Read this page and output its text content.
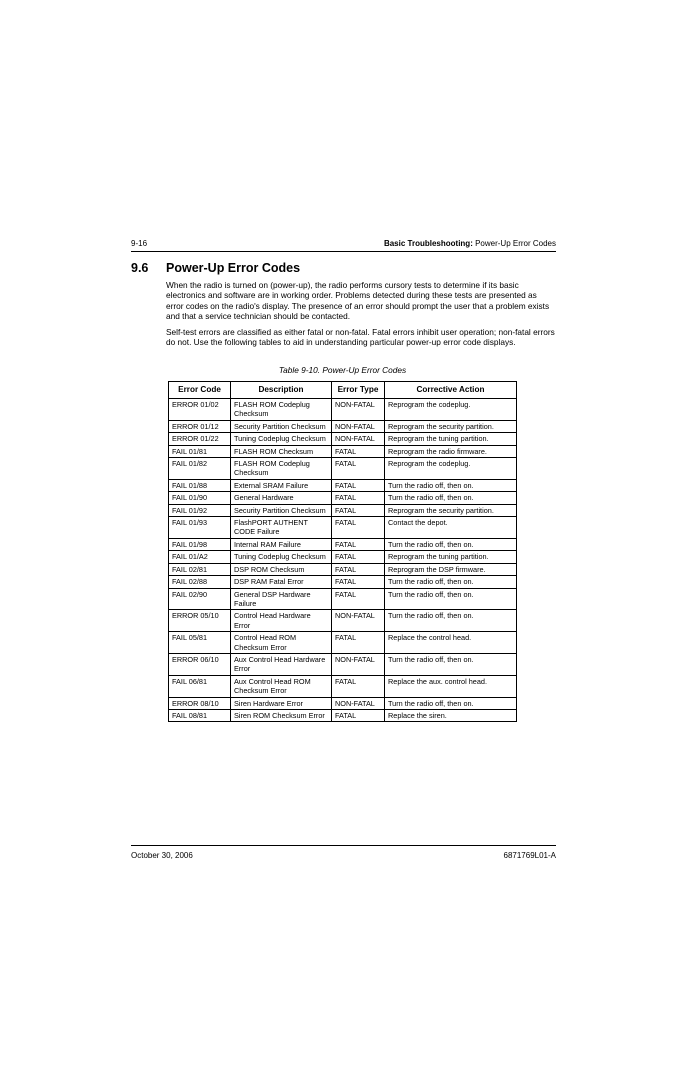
9-16	Basic Troubleshooting: Power-Up Error Codes
9.6 Power-Up Error Codes
When the radio is turned on (power-up), the radio performs cursory tests to determine if its basic electronics and software are in working order. Problems detected during these tests are presented as error codes on the radio's display. The presence of an error should prompt the user that a problem exists and that a service technician should be contacted.
Self-test errors are classified as either fatal or non-fatal. Fatal errors inhibit user operation; non-fatal errors do not. Use the following tables to aid in understanding particular power-up error code displays.
Table 9-10. Power-Up Error Codes
Error Code	Description	Error Type	Corrective Action
ERROR 01/02	FLASH ROM Codeplug Checksum	NON-FATAL	Reprogram the codeplug.
ERROR 01/12	Security Partition Checksum	NON-FATAL	Reprogram the security partition.
ERROR 01/22	Tuning Codeplug Checksum	NON-FATAL	Reprogram the tuning partition.
FAIL 01/81	FLASH ROM Checksum	FATAL	Reprogram the radio firmware.
FAIL 01/82	FLASH ROM Codeplug Checksum	FATAL	Reprogram the codeplug.
FAIL 01/88	External SRAM Failure	FATAL	Turn the radio off, then on.
FAIL 01/90	General Hardware	FATAL	Turn the radio off, then on.
FAIL 01/92	Security Partition Checksum	FATAL	Reprogram the security partition.
FAIL 01/93	FlashPORT AUTHENT CODE Failure	FATAL	Contact the depot.
FAIL 01/98	Internal RAM Failure	FATAL	Turn the radio off, then on.
FAIL 01/A2	Tuning Codeplug Checksum	FATAL	Reprogram the tuning partition.
FAIL 02/81	DSP ROM Checksum	FATAL	Reprogram the DSP firmware.
FAIL 02/88	DSP RAM Fatal Error	FATAL	Turn the radio off, then on.
FAIL 02/90	General DSP Hardware Failure	FATAL	Turn the radio off, then on.
ERROR 05/10	Control Head Hardware Error	NON-FATAL	Turn the radio off, then on.
FAIL 05/81	Control Head ROM Checksum Error	FATAL	Replace the control head.
ERROR 06/10	Aux Control Head Hardware Error	NON-FATAL	Turn the radio off, then on.
FAIL 06/81	Aux Control Head ROM Checksum Error	FATAL	Replace the aux. control head.
ERROR 08/10	Siren Hardware Error	NON-FATAL	Turn the radio off, then on.
FAIL 08/81	Siren ROM Checksum Error	FATAL	Replace the siren.
October 30, 2006	6871769L01-A
